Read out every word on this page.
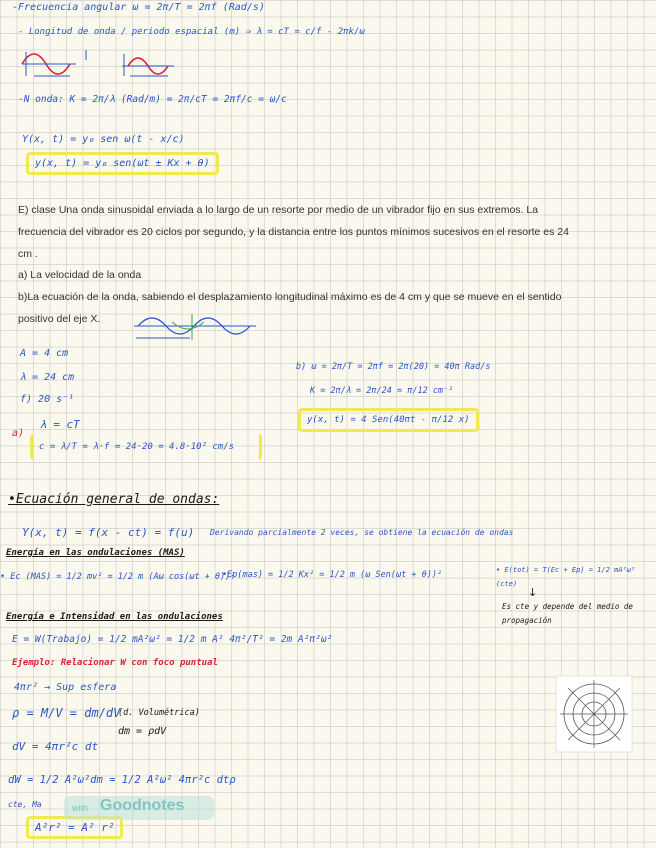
-Frecuencia angular ω = 2π/T = 2πf (Rad/s)
- Longitud de onda / periodo espacial (m) ⇒ λ = cT = c/f - 2πk/ω
-N onda: K = 2π/λ (Rad/m) = 2π/cT = 2πf/c = ω/c
Y(x, t) = y₀ sen ω(t - x/c)
y(x, t) = y₀ sen(ωt ± Kx + θ)
E) clase Una onda sinusoidal enviada a lo largo de un resorte por medio de un vibrador fijo en sus extremos. La
frecuencia del vibrador es 20 ciclos por segundo, y la distancia entre los puntos mínimos sucesivos en el resorte es 24
cm .
a) La velocidad de la onda
b)La ecuación de la onda, sabiendo el desplazamiento longitudinal máximo es de 4 cm y que se mueve en el sentido
positivo del eje X.
A = 4 cm
λ = 24 cm
f) 20 s⁻¹
a)
λ = cT
c = λ/T = λ·f = 24·20 = 4.8·10² cm/s
b) ω = 2π/T = 2πf = 2π(20) = 40π Rad/s
K = 2π/λ = 2π/24 = π/12 cm⁻¹
y(x, t) = 4 Sen(40πt - π/12 x)
•Ecuación general de ondas:
Y(x, t) = f(x - ct) = f(u) Derivando parcialmente 2 veces, se obtiene la ecuación de ondas
Energía en las ondulaciones (MAS)
• Ec (MAS) = 1/2 mv² = 1/2 m (Aω cos(ωt + θ))²
•Ep(mas) = 1/2 Kx² = 1/2 m (ω Sen(ωt + θ))²	• E(tot) = T(Ec + Ep) = 1/2 mA²ω²
(cte)
↓
Es cte y depende del medio de
propagación
Energía e Intensidad en las ondulaciones
E = W(Trabajo) = 1/2 mA²ω² = 1/2 m A² 4π²/T² = 2m A²π²ω²
Ejemplo: Relacionar W con foco puntual
4πr² → Sup esfera
ρ = M/V = dm/dV
(d. Volumétrica)
dm = ρdV
dV = 4πr²c dt
dW = 1/2 A²ω²dm = 1/2 A²ω² 4πr²c dtρ
cte, Ma
A²r² = A² r²
with Goodnotes
